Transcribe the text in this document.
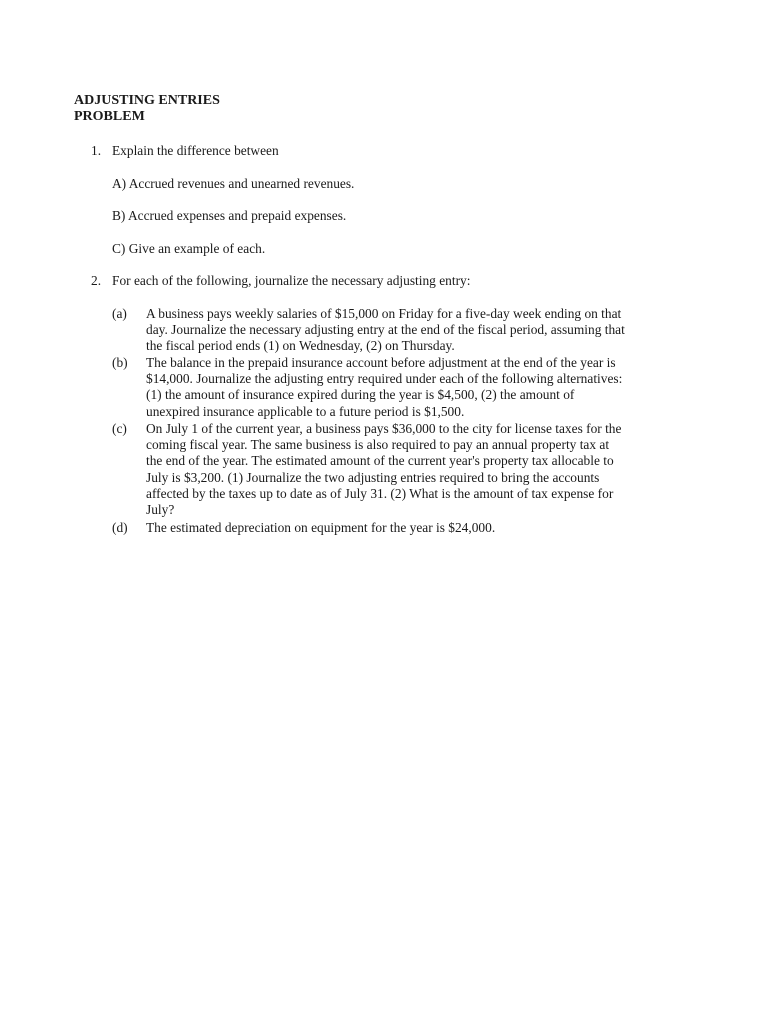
ADJUSTING ENTRIES
PROBLEM
1. Explain the difference between

A) Accrued revenues and unearned revenues.

B) Accrued expenses and prepaid expenses.

C) Give an example of each.

2. For each of the following, journalize the necessary adjusting entry:

(a) A business pays weekly salaries of $15,000 on Friday for a five-day week ending on that day. Journalize the necessary adjusting entry at the end of the fiscal period, assuming that the fiscal period ends (1) on Wednesday, (2) on Thursday.

(b) The balance in the prepaid insurance account before adjustment at the end of the year is $14,000. Journalize the adjusting entry required under each of the following alternatives: (1) the amount of insurance expired during the year is $4,500, (2) the amount of unexpired insurance applicable to a future period is $1,500.

(c) On July 1 of the current year, a business pays $36,000 to the city for license taxes for the coming fiscal year. The same business is also required to pay an annual property tax at the end of the year. The estimated amount of the current year's property tax allocable to July is $3,200. (1) Journalize the two adjusting entries required to bring the accounts affected by the taxes up to date as of July 31. (2) What is the amount of tax expense for July?

(d) The estimated depreciation on equipment for the year is $24,000.
